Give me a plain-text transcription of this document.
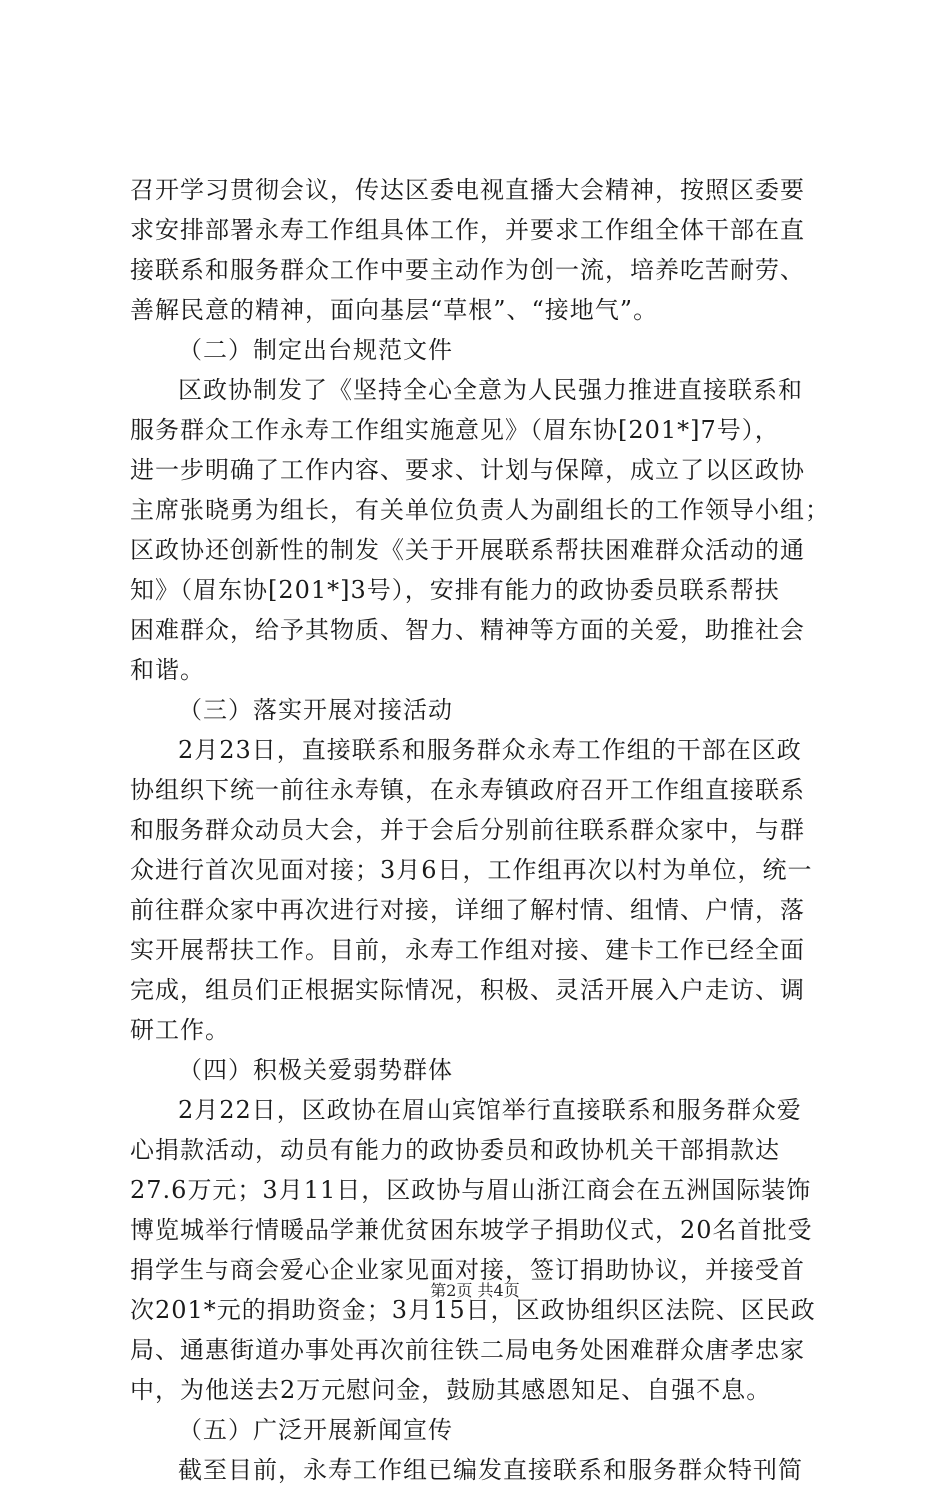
召开学习贯彻会议，传达区委电视直播大会精神，按照区委要
求安排部署永寿工作组具体工作，并要求工作组全体干部在直
接联系和服务群众工作中要主动作为创一流，培养吃苦耐劳、
善解民意的精神，面向基层“草根”、“接地气”。
（二）制定出台规范文件
区政协制发了《坚持全心全意为人民强力推进直接联系和
服务群众工作永寿工作组实施意见》（眉东协[201*]7号），
进一步明确了工作内容、要求、计划与保障，成立了以区政协
主席张晓勇为组长，有关单位负责人为副组长的工作领导小组；
区政协还创新性的制发《关于开展联系帮扶困难群众活动的通
知》（眉东协[201*]3号），安排有能力的政协委员联系帮扶
困难群众，给予其物质、智力、精神等方面的关爱，助推社会
和谐。
（三）落实开展对接活动
2月23日，直接联系和服务群众永寿工作组的干部在区政
协组织下统一前往永寿镇，在永寿镇政府召开工作组直接联系
和服务群众动员大会，并于会后分别前往联系群众家中，与群
众进行首次见面对接；3月6日，工作组再次以村为单位，统一
前往群众家中再次进行对接，详细了解村情、组情、户情，落
实开展帮扶工作。目前，永寿工作组对接、建卡工作已经全面
完成，组员们正根据实际情况，积极、灵活开展入户走访、调
研工作。
（四）积极关爱弱势群体
2月22日，区政协在眉山宾馆举行直接联系和服务群众爱
心捐款活动，动员有能力的政协委员和政协机关干部捐款达
27.6万元；3月11日，区政协与眉山浙江商会在五洲国际装饰
博览城举行情暖品学兼优贫困东坡学子捐助仪式，20名首批受
捐学生与商会爱心企业家见面对接，签订捐助协议，并接受首
次201*元的捐助资金；3月15日，区政协组织区法院、区民政
局、通惠街道办事处再次前往铁二局电务处困难群众唐孝忠家
中，为他送去2万元慰问金，鼓励其感恩知足、自强不息。
（五）广泛开展新闻宣传
截至目前，永寿工作组已编发直接联系和服务群众特刊简
第2页 共4页
